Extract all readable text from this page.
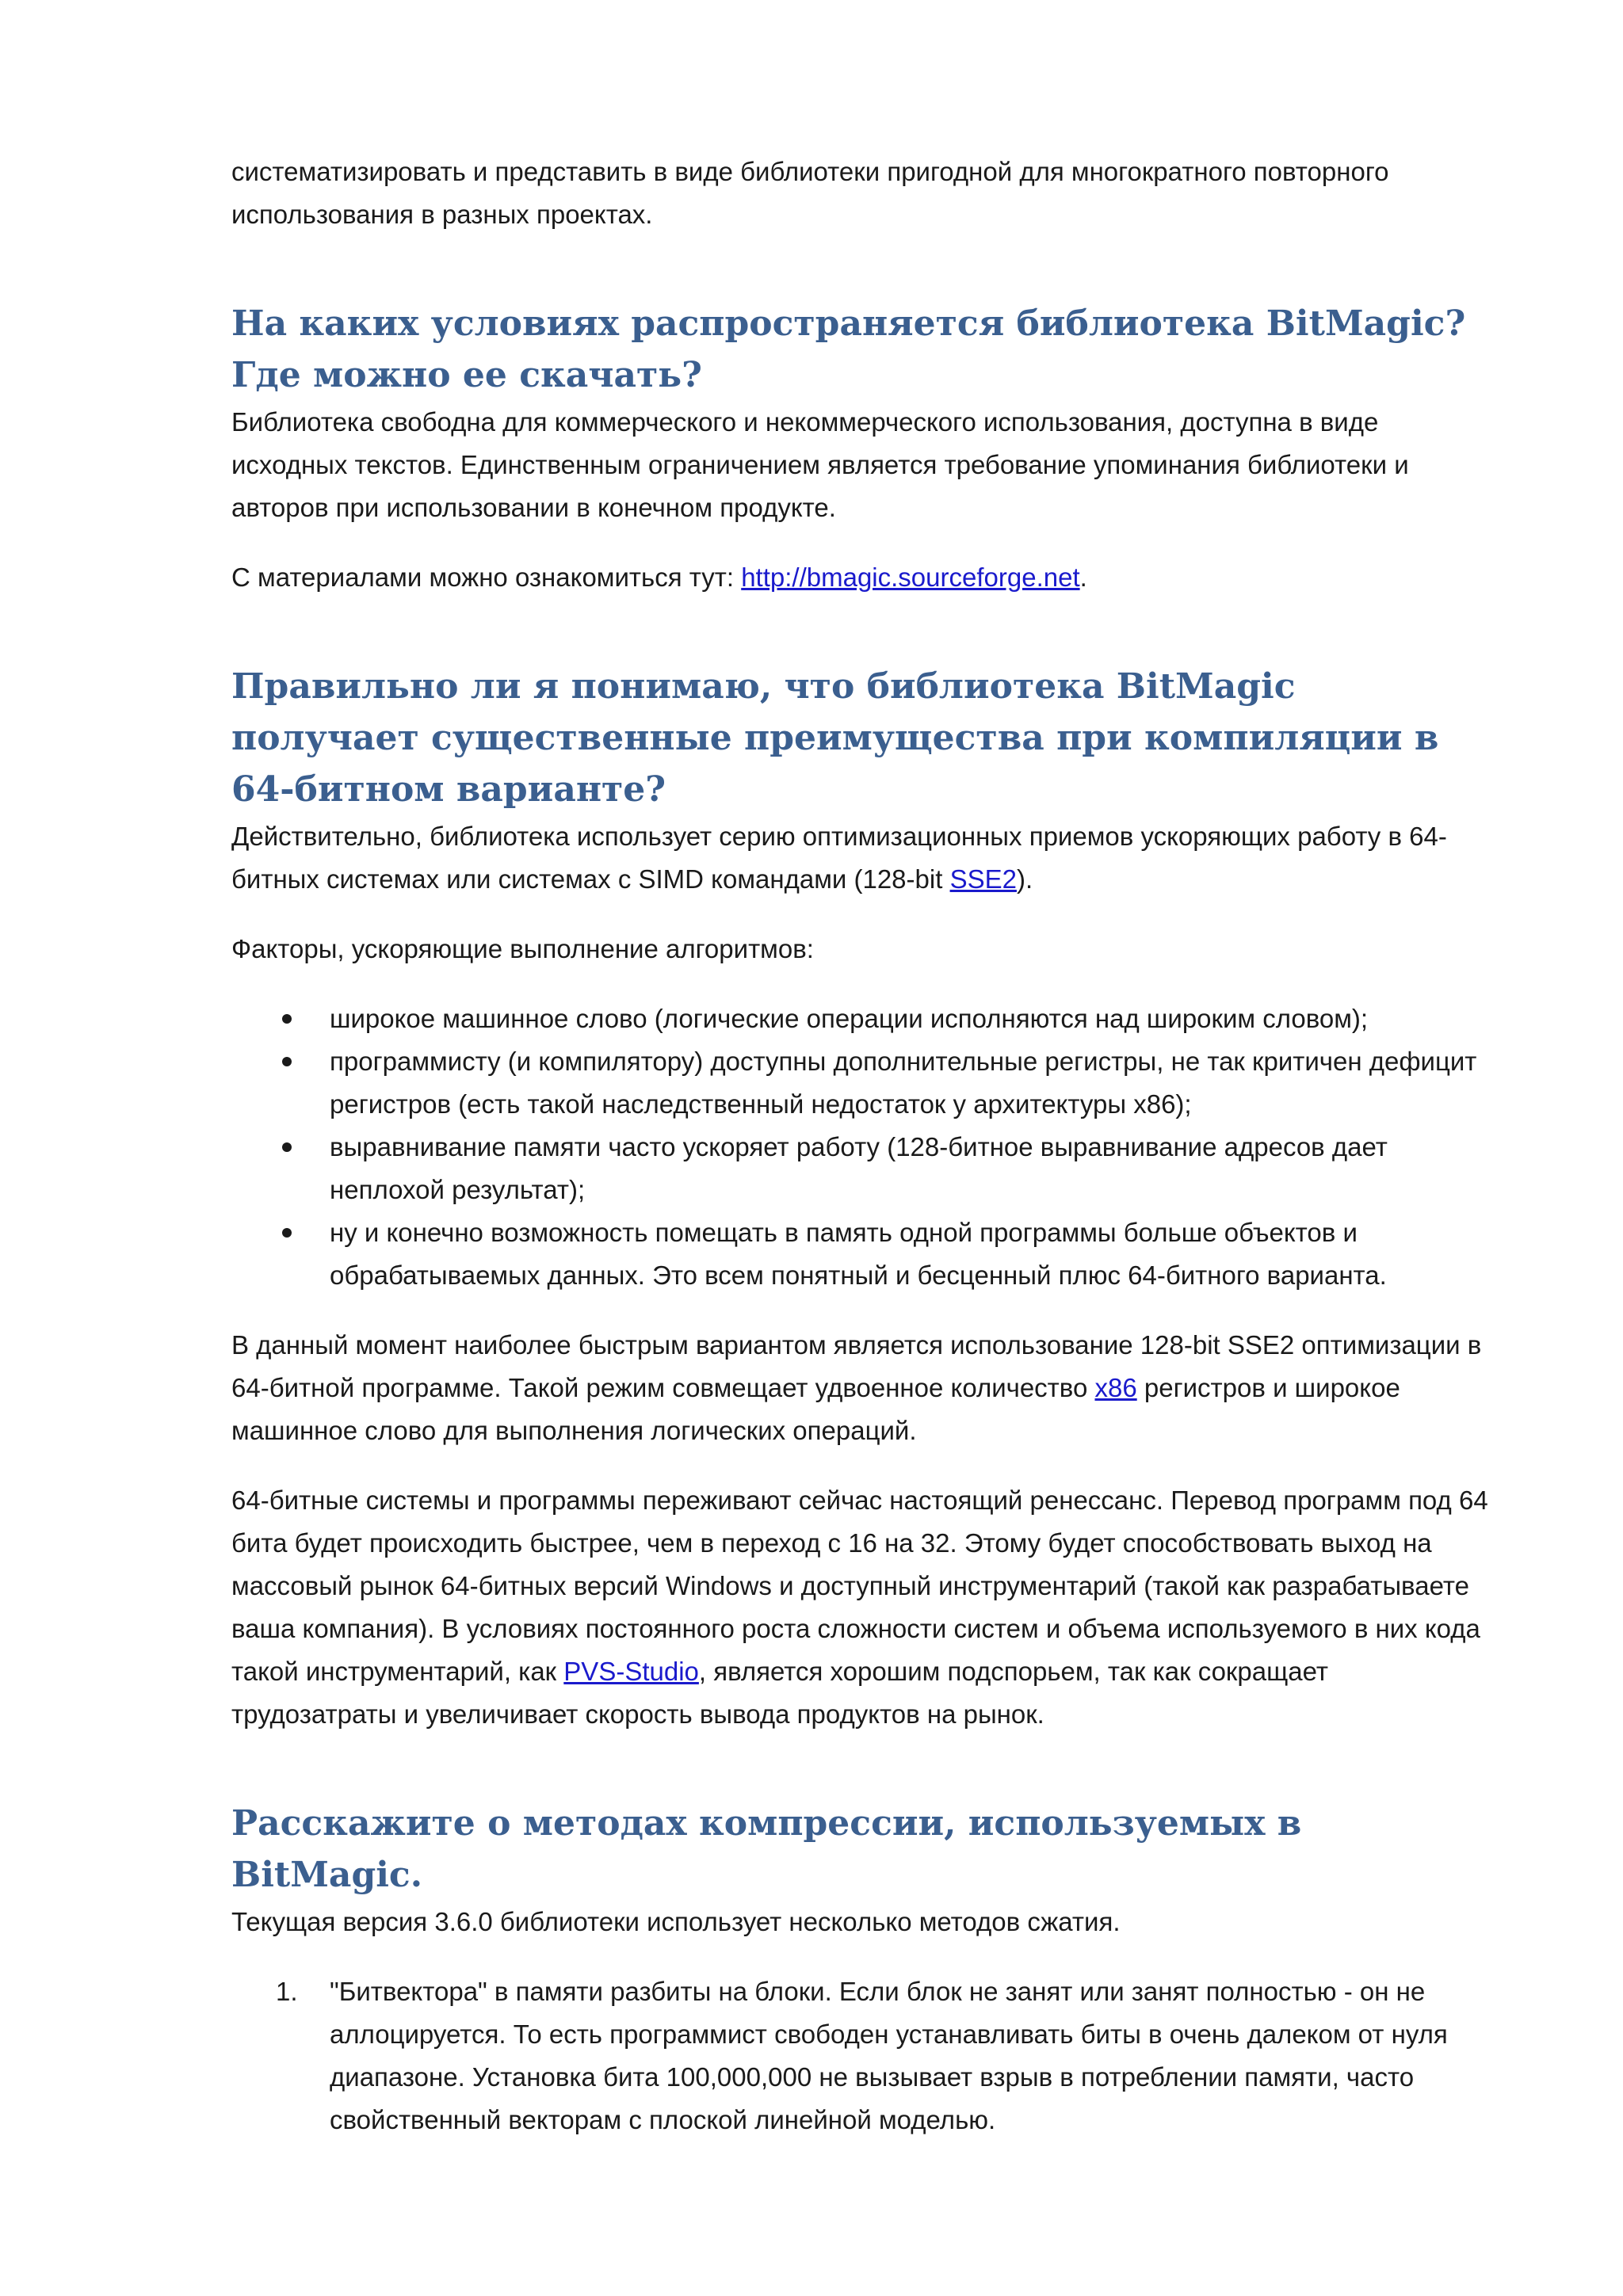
систематизировать и представить в виде библиотеки пригодной для многократного повторного использования в разных проектах.

На каких условиях распространяется библиотека BitMagic? Где можно ее скачать?

Библиотека свободна для коммерческого и некоммерческого использования, доступна в виде исходных текстов. Единственным ограничением является требование упоминания библиотеки и авторов при использовании в конечном продукте.

С материалами можно ознакомиться тут: http://bmagic.sourceforge.net.

Правильно ли я понимаю, что библиотека BitMagic получает существенные преимущества при компиляции в 64-битном варианте?

Действительно, библиотека использует серию оптимизационных приемов ускоряющих работу в 64-битных системах или системах с SIMD командами (128-bit SSE2).

Факторы, ускоряющие выполнение алгоритмов:

широкое машинное слово (логические операции исполняются над широким словом);
программисту (и компилятору) доступны дополнительные регистры, не так критичен дефицит регистров (есть такой наследственный недостаток у архитектуры x86);
выравнивание памяти часто ускоряет работу (128-битное выравнивание адресов дает неплохой результат);
ну и конечно возможность помещать в память одной программы больше объектов и обрабатываемых данных. Это всем понятный и бесценный плюс 64-битного варианта.

В данный момент наиболее быстрым вариантом является использование 128-bit SSE2 оптимизации в 64-битной программе. Такой режим совмещает удвоенное количество x86 регистров и широкое машинное слово для выполнения логических операций.

64-битные системы и программы переживают сейчас настоящий ренессанс. Перевод программ под 64 бита будет происходить быстрее, чем в переход с 16 на 32. Этому будет способствовать выход на массовый рынок 64-битных версий Windows и доступный инструментарий (такой как разрабатываете ваша компания). В условиях постоянного роста сложности систем и объема используемого в них кода такой инструментарий, как PVS-Studio, является хорошим подспорьем, так как сокращает трудозатраты и увеличивает скорость вывода продуктов на рынок.

Расскажите о методах компрессии, используемых в BitMagic.

Текущая версия 3.6.0 библиотеки использует несколько методов сжатия.

1. "Битвектора" в памяти разбиты на блоки. Если блок не занят или занят полностью - он не аллоцируется. То есть программист свободен устанавливать биты в очень далеком от нуля диапазоне. Установка бита 100,000,000 не вызывает взрыв в потреблении памяти, часто свойственный векторам с плоской линейной моделью.
